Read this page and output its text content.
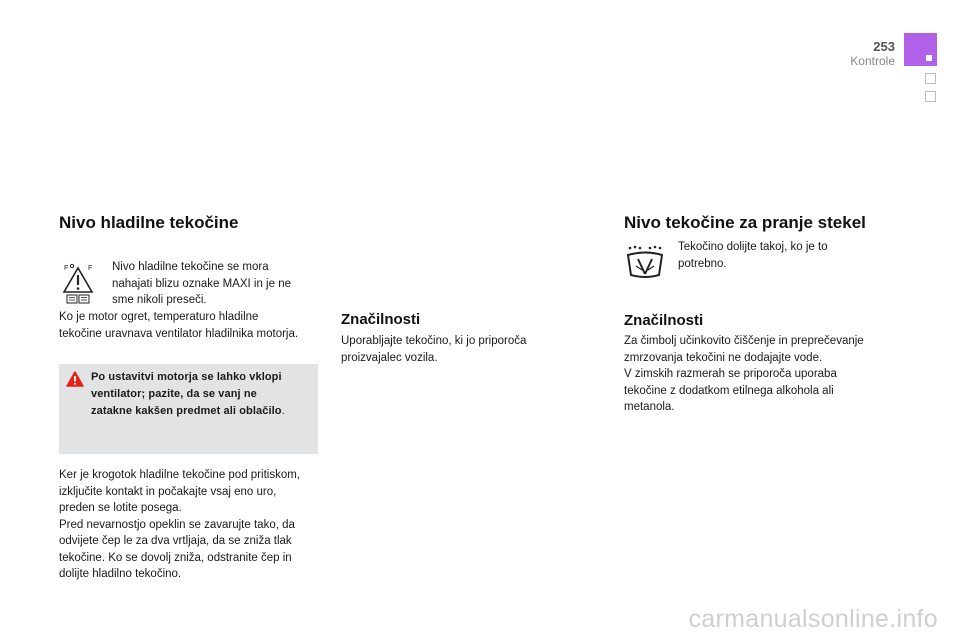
253
Kontrole
Nivo hladilne tekočine
F	F Nivo hladilne tekočine se mora
nahajati blizu oznake MAXI in je ne
sme nikoli preseči.
Ko je motor ogret, temperaturo hladilne
tekočine uravnava ventilator hladilnika motorja.
Po ustavitvi motorja se lahko vklopi
ventilator; pazite, da se vanj ne
zatakne kakšen predmet ali oblačilo.
Ker je krogotok hladilne tekočine pod pritiskom,
izključite kontakt in počakajte vsaj eno uro,
preden se lotite posega.
Pred nevarnostjo opeklin se zavarujte tako, da
odvijete čep le za dva vrtljaja, da se zniža tlak
tekočine. Ko se dovolj zniža, odstranite čep in
dolijte hladilno tekočino.
Značilnosti
Uporabljajte tekočino, ki jo priporoča
proizvajalec vozila.
Nivo tekočine za pranje stekel
Tekočino dolijte takoj, ko je to
potrebno.
Značilnosti
Za čimbolj učinkovito čiščenje in preprečevanje
zmrzovanja tekočini ne dodajajte vode.
V zimskih razmerah se priporoča uporaba
tekočine z dodatkom etilnega alkohola ali
metanola.
carmanualsonline.info
